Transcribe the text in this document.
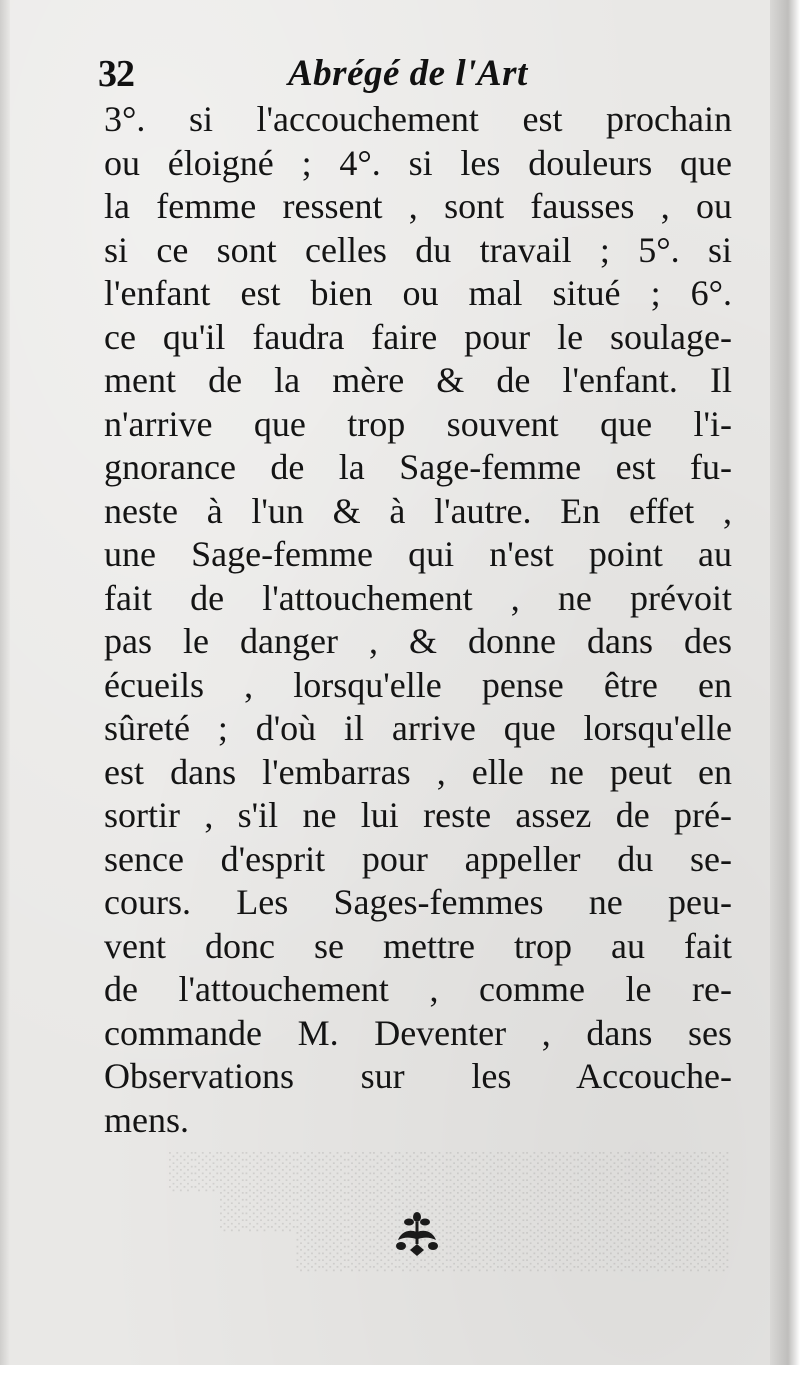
░░░░░░░░░░░░░░░░░░░░░░
░░░░░░░░░░░░░░░░░░░░
░░░░░░░░░░░░░░░░░
32	Abrégé de l'Art
3°. si l'accouchement est prochain
ou éloigné ; 4°. si les douleurs que
la femme ressent , sont fausses , ou
si ce sont celles du travail ; 5°. si
l'enfant est bien ou mal situé ; 6°.
ce qu'il faudra faire pour le soulage-
ment de la mère & de l'enfant. Il
n'arrive que trop souvent que l'i-
gnorance de la Sage-femme est fu-
neste à l'un & à l'autre. En effet ,
une Sage-femme qui n'est point au
fait de l'attouchement , ne prévoit
pas le danger , & donne dans des
écueils , lorsqu'elle pense être en
sûreté ; d'où il arrive que lorsqu'elle
est dans l'embarras , elle ne peut en
sortir , s'il ne lui reste assez de pré-
sence d'esprit pour appeller du se-
cours. Les Sages-femmes ne peu-
vent donc se mettre trop au fait
de l'attouchement , comme le re-
commande M. Deventer , dans ses
Observations sur les Accouche-
mens.
